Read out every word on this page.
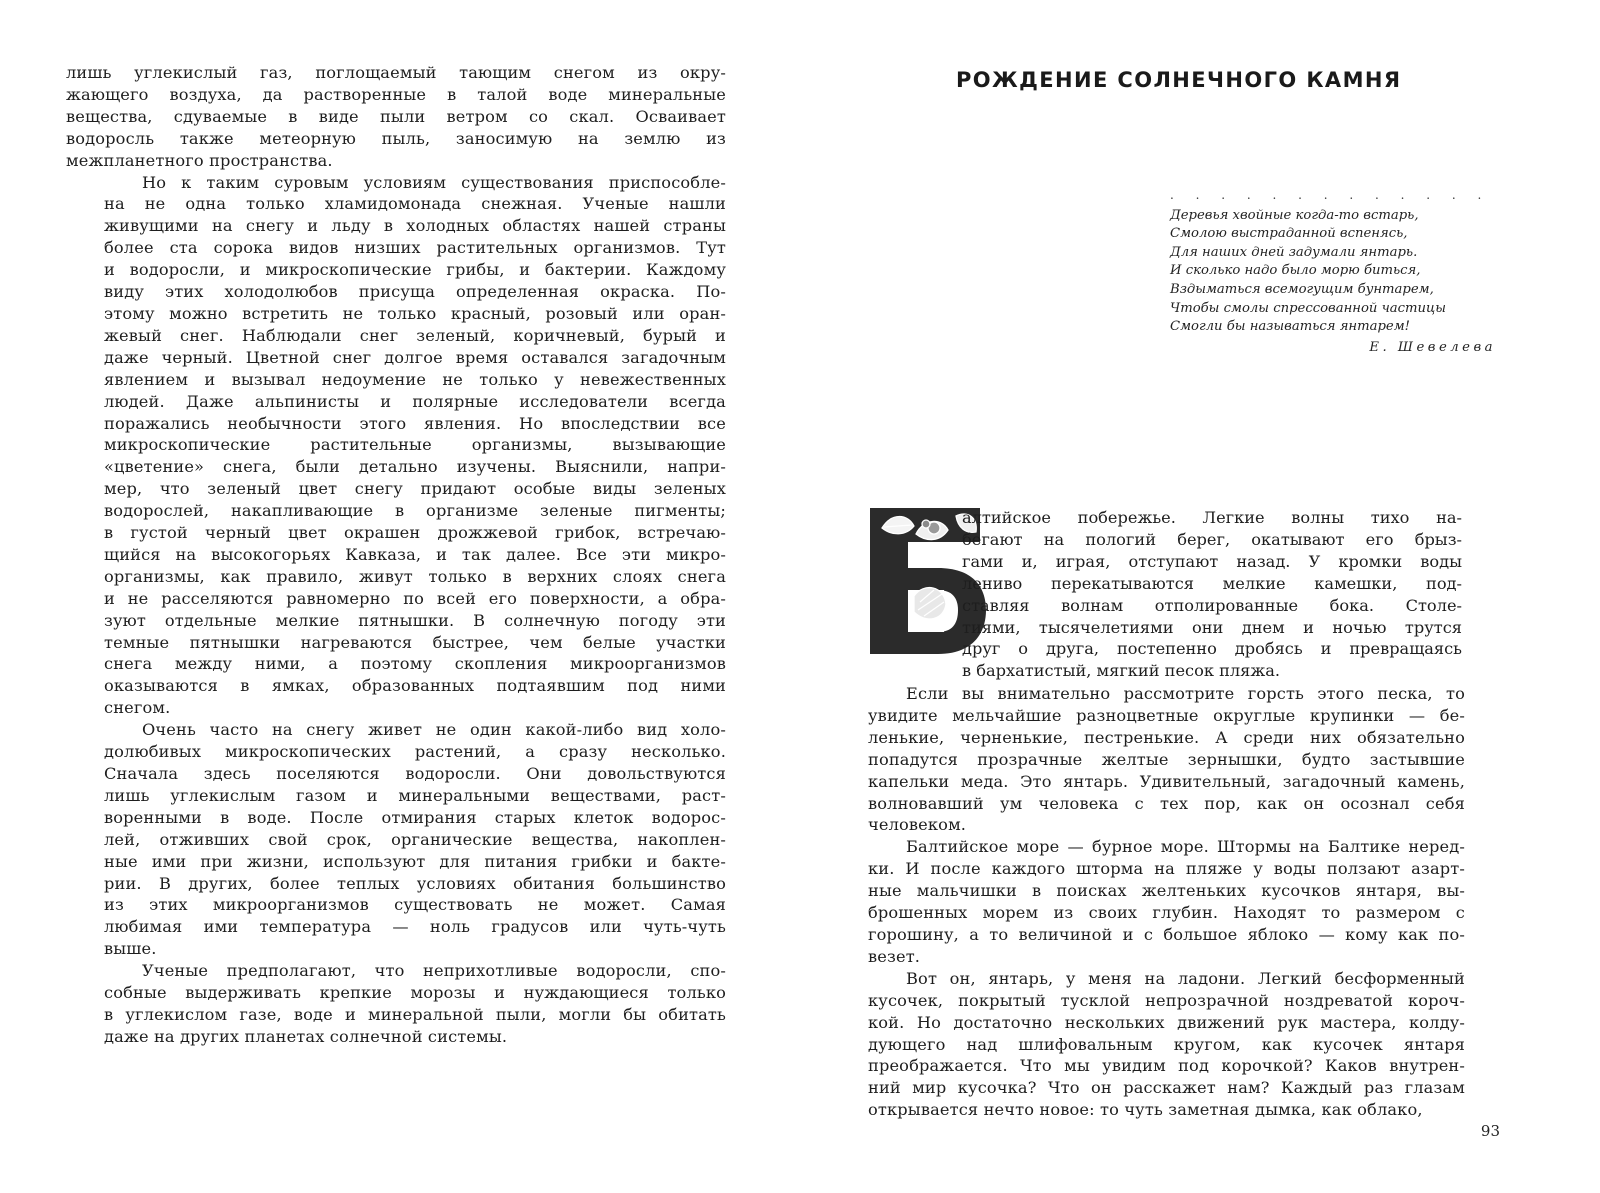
лишь углекислый газ, поглощаемый тающим снегом из окру-
жающего воздуха, да растворенные в талой воде минеральные
вещества, сдуваемые в виде пыли ветром со скал. Осваивает
водоросль также метеорную пыль, заносимую на землю из
межпланетного пространства.
Но к таким суровым условиям существования приспособле-
на не одна только хламидомонада снежная. Ученые нашли
живущими на снегу и льду в холодных областях нашей страны
более ста сорока видов низших растительных организмов. Тут
и водоросли, и микроскопические грибы, и бактерии. Каждому
виду этих холодолюбов присуща определенная окраска. По-
этому можно встретить не только красный, розовый или оран-
жевый снег. Наблюдали снег зеленый, коричневый, бурый и
даже черный. Цветной снег долгое время оставался загадочным
явлением и вызывал недоумение не только у невежественных
людей. Даже альпинисты и полярные исследователи всегда
поражались необычности этого явления. Но впоследствии все
микроскопические растительные организмы, вызывающие
«цветение» снега, были детально изучены. Выяснили, напри-
мер, что зеленый цвет снегу придают особые виды зеленых
водорослей, накапливающие в организме зеленые пигменты;
в густой черный цвет окрашен дрожжевой грибок, встречаю-
щийся на высокогорьях Кавказа, и так далее. Все эти микро-
организмы, как правило, живут только в верхних слоях снега
и не расселяются равномерно по всей его поверхности, а обра-
зуют отдельные мелкие пятнышки. В солнечную погоду эти
темные пятнышки нагреваются быстрее, чем белые участки
снега между ними, а поэтому скопления микроорганизмов
оказываются в ямках, образованных подтаявшим под ними
снегом.
Очень часто на снегу живет не один какой-либо вид холо-
долюбивых микроскопических растений, а сразу несколько.
Сначала здесь поселяются водоросли. Они довольствуются
лишь углекислым газом и минеральными веществами, раст-
воренными в воде. После отмирания старых клеток водорос-
лей, отживших свой срок, органические вещества, накоплен-
ные ими при жизни, используют для питания грибки и бакте-
рии. В других, более теплых условиях обитания большинство
из этих микроорганизмов существовать не может. Самая
любимая ими температура — ноль градусов или чуть-чуть
выше.
Ученые предполагают, что неприхотливые водоросли, спо-
собные выдерживать крепкие морозы и нуждающиеся только
в углекислом газе, воде и минеральной пыли, могли бы обитать
даже на других планетах солнечной системы.
РОЖДЕНИЕ СОЛНЕЧНОГО КАМНЯ
. . . . . . . . . . . . .
Деревья хвойные когда-то встарь,
Смолою выстраданной вспенясь,
Для наших дней задумали янтарь.
И сколько надо было морю биться,
Вздыматься всемогущим бунтарем,
Чтобы смолы спрессованной частицы
Смогли бы называться янтарем!
Е. Шевелева
алтийское побережье. Легкие волны тихо на-
бегают на пологий берег, окатывают его брыз-
гами и, играя, отступают назад. У кромки воды
лениво перекатываются мелкие камешки, под-
ставляя волнам отполированные бока. Столе-
тиями, тысячелетиями они днем и ночью трутся
друг о друга, постепенно дробясь и превращаясь
в бархатистый, мягкий песок пляжа.
Если вы внимательно рассмотрите горсть этого песка, то
увидите мельчайшие разноцветные округлые крупинки — бе-
ленькие, черненькие, пестренькие. А среди них обязательно
попадутся прозрачные желтые зернышки, будто застывшие
капельки меда. Это янтарь. Удивительный, загадочный камень,
волновавший ум человека с тех пор, как он осознал себя
человеком.
Балтийское море — бурное море. Штормы на Балтике неред-
ки. И после каждого шторма на пляже у воды ползают азарт-
ные мальчишки в поисках желтеньких кусочков янтаря, вы-
брошенных морем из своих глубин. Находят то размером с
горошину, а то величиной и с большое яблоко — кому как по-
везет.
Вот он, янтарь, у меня на ладони. Легкий бесформенный
кусочек, покрытый тусклой непрозрачной ноздреватой короч-
кой. Но достаточно нескольких движений рук мастера, колду-
дующего над шлифовальным кругом, как кусочек янтаря
преображается. Что мы увидим под корочкой? Каков внутрен-
ний мир кусочка? Что он расскажет нам? Каждый раз глазам
открывается нечто новое: то чуть заметная дымка, как облако,
93
